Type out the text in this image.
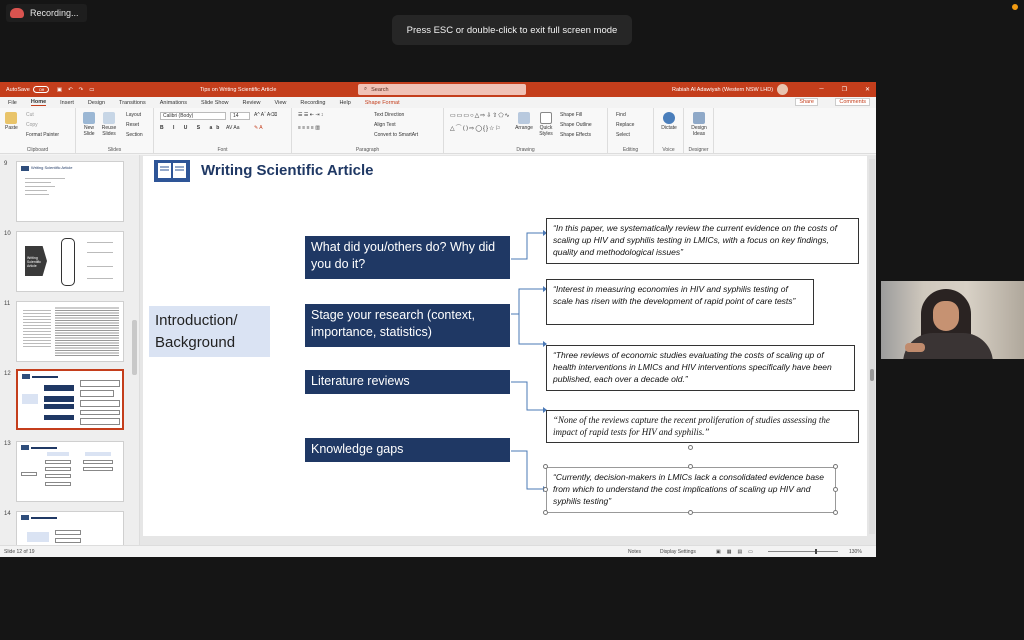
Recording...
Press ESC or double-click to exit full screen mode
AutoSave Off ▣ ↶ ↷ ▭	Tips on Writing Scientific Article	⌕ Search	Rabiah Al Adawiyah (Western NSW LHD)	─	❐	✕
File	Home	Insert	Design	Transitions	Animations	Slide Show	Review	View	Recording	Help	Shape Format	Share	Comments
Paste
Cut
Copy
Format Painter
Clipboard
New Slide
Reuse Slides
Layout
Reset
Section
Slides
Calibri (Body)	14	A^ Aˇ A⌫
B I U S ab AV Aa	✎ A
Font
☰ ☰ ⇤ ⇥ ↕
≡ ≡ ≡ ≡ ▥
Text Direction
Align Text
Convert to SmartArt
Paragraph
▭▭▭○△⇨⇩⇧⬠∿
△⌒⟨⟩⇨◯{}☆⚐	Arrange	Quick Styles
Shape Fill
Shape Outline
Shape Effects
Drawing
Find
Replace
Select
Editing
Dictate
Voice
Design Ideas
Designer
9
Writing Scientific Article
10
Writing Scientific Article
11
12
13
14
Writing Scientific Article
Introduction/ Background
What did you/others do? Why did you do it?
Stage your research (context, importance, statistics)
Literature reviews
Knowledge gaps
“In this paper, we systematically review the current evidence on the costs of scaling up HIV and syphilis testing in LMICs, with a focus on key findings, quality and methodological issues”
“Interest in measuring economies in HIV and syphilis testing of scale has risen with the development of rapid point of care tests”
“Three reviews of economic studies evaluating the costs of scaling up of health interventions in LMICs and HIV interventions specifically have been published, each over a decade old.”
“None of the reviews capture the recent proliferation of studies assessing the impact of rapid tests for HIV and syphilis.”
“Currently, decision-makers in LMICs lack a consolidated evidence base from which to understand the cost implications of scaling up HIV and syphilis testing”
Slide 12 of 19	Notes	Display Settings	▣▦▤▭	130%
